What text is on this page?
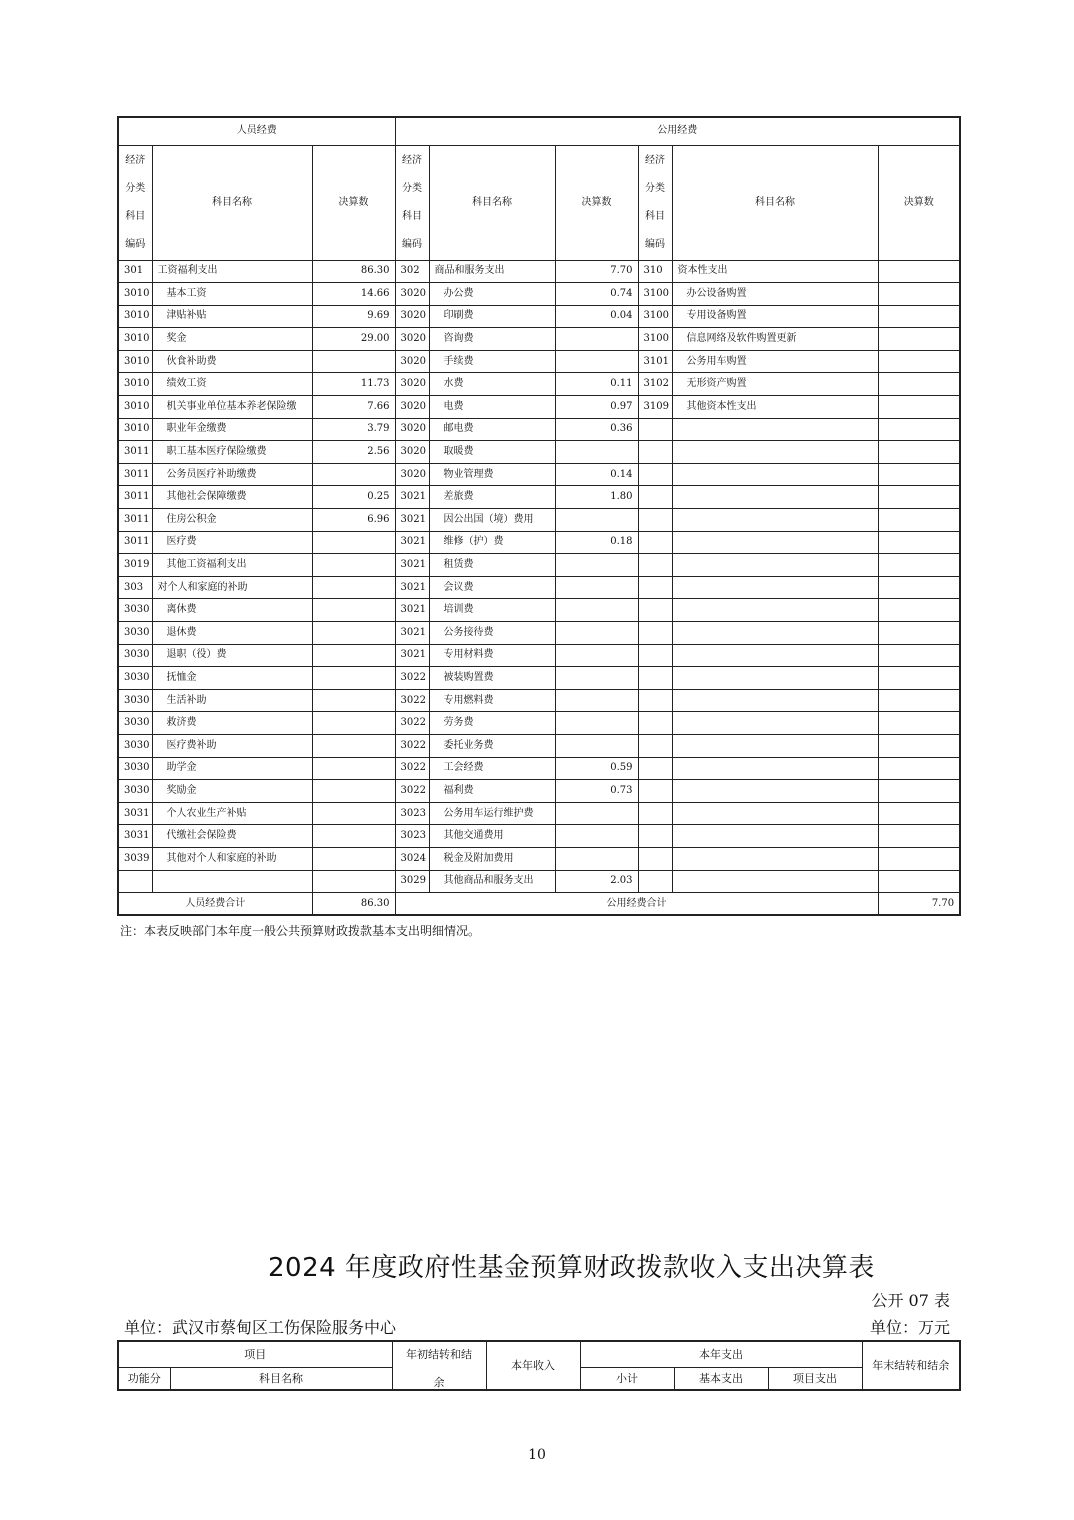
人员经费			公用经费					
经济
分类
科目
编码	科目名称	决算数	经济
分类
科目
编码	科目名称	决算数	经济
分类
科目
编码	科目名称	决算数
301	工资福利支出	86.30	302	商品和服务支出	7.70	310	资本性支出	
3010	基本工资	14.66	3020	办公费	0.74	3100	办公设备购置	
3010	津贴补贴	9.69	3020	印刷费	0.04	3100	专用设备购置	
3010	奖金	29.00	3020	咨询费		3100	信息网络及软件购置更新	
3010	伙食补助费		3020	手续费		3101	公务用车购置	
3010	绩效工资	11.73	3020	水费	0.11	3102	无形资产购置	
3010	机关事业单位基本养老保险缴	7.66	3020	电费	0.97	3109	其他资本性支出	
3010	职业年金缴费	3.79	3020	邮电费	0.36			
3011	职工基本医疗保险缴费	2.56	3020	取暖费				
3011	公务员医疗补助缴费		3020	物业管理费	0.14			
3011	其他社会保障缴费	0.25	3021	差旅费	1.80			
3011	住房公积金	6.96	3021	因公出国（境）费用				
3011	医疗费		3021	维修（护）费	0.18			
3019	其他工资福利支出		3021	租赁费				
303	对个人和家庭的补助		3021	会议费				
3030	离休费		3021	培训费				
3030	退休费		3021	公务接待费				
3030	退职（役）费		3021	专用材料费				
3030	抚恤金		3022	被装购置费				
3030	生活补助		3022	专用燃料费				
3030	救济费		3022	劳务费				
3030	医疗费补助		3022	委托业务费				
3030	助学金		3022	工会经费	0.59			
3030	奖励金		3022	福利费	0.73			
3031	个人农业生产补贴		3023	公务用车运行维护费				
3031	代缴社会保险费		3023	其他交通费用				
3039	其他对个人和家庭的补助		3024	税金及附加费用				
			3029	其他商品和服务支出	2.03			
人员经费合计		86.30	公用经费合计					7.70
注：本表反映部门本年度一般公共预算财政拨款基本支出明细情况。
2024 年度政府性基金预算财政拨款收入支出决算表
公开 07 表
单位：武汉市蔡甸区工伤保险服务中心	单位：万元
项目		年初结转和结	本年收入	本年支出			年末结转和结余
功能分	科目名称	余		小计	基本支出	项目支出	
10
